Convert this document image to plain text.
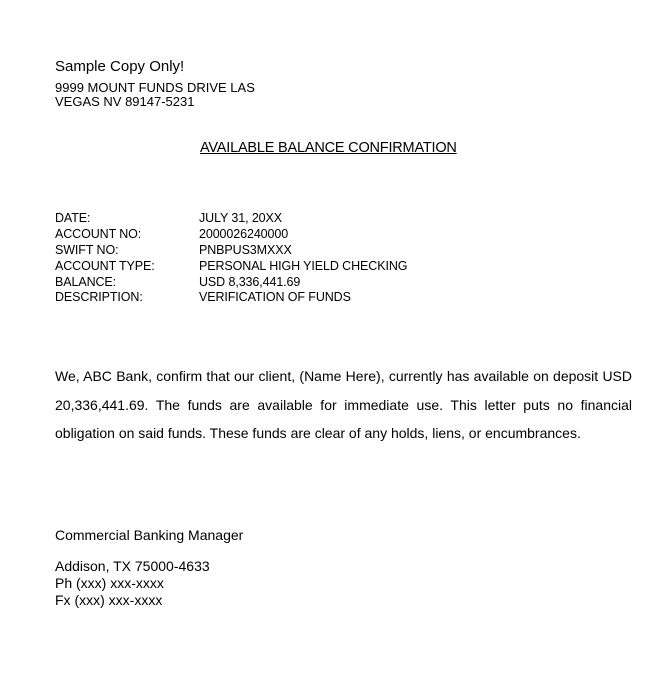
Sample Copy Only!
9999 MOUNT FUNDS DRIVE LAS
VEGAS NV 89147-5231
AVAILABLE BALANCE CONFIRMATION
DATE:	JULY 31, 20XX
ACCOUNT NO:	2000026240000
SWIFT NO:	PNBPUS3MXXX
ACCOUNT TYPE:	PERSONAL HIGH YIELD CHECKING
BALANCE:	USD 8,336,441.69
DESCRIPTION:	VERIFICATION OF FUNDS
We, ABC Bank, confirm that our client, (Name Here), currently has available on deposit USD
20,336,441.69. The funds are available for immediate use. This letter puts no financial
obligation on said funds. These funds are clear of any holds, liens, or encumbrances.
Commercial Banking Manager
Addison, TX 75000-4633
Ph (xxx) xxx-xxxx
Fx (xxx) xxx-xxxx
